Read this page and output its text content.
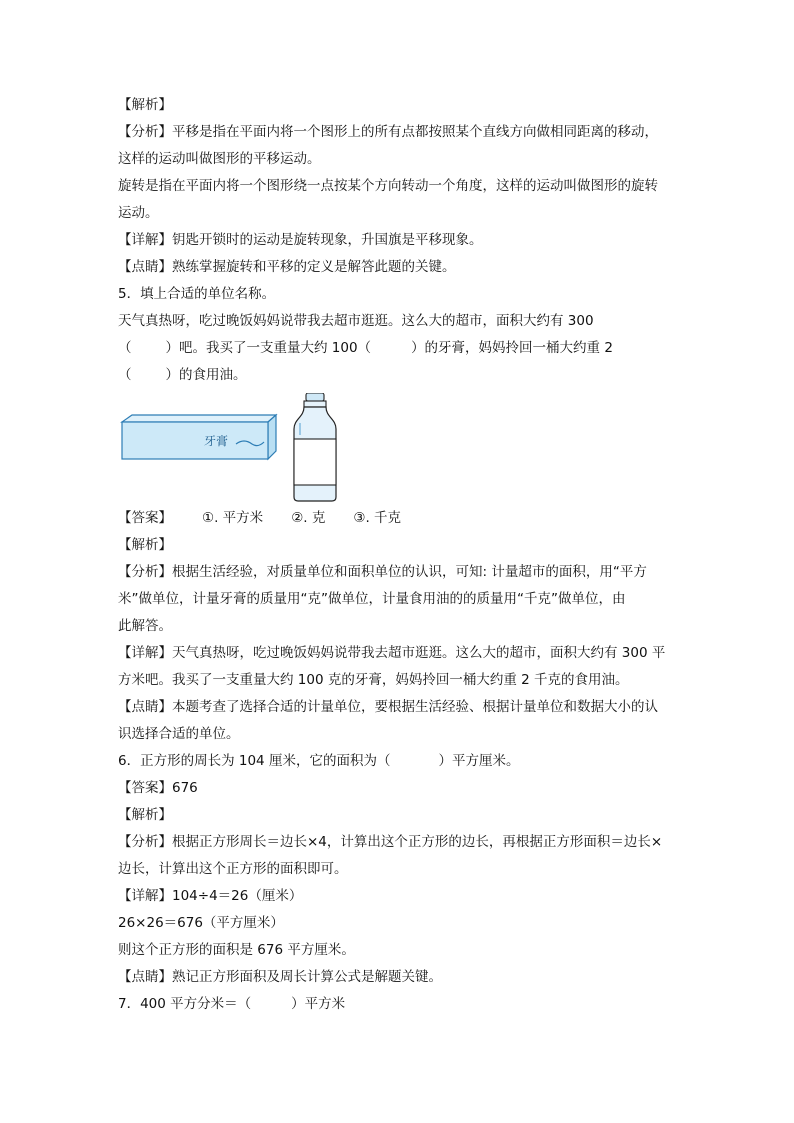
【解析】
【分析】平移是指在平面内将一个图形上的所有点都按照某个直线方向做相同距离的移动，
这样的运动叫做图形的平移运动。
旋转是指在平面内将一个图形绕一点按某个方向转动一个角度，这样的运动叫做图形的旋转
运动。
【详解】钥匙开锁时的运动是旋转现象，升国旗是平移现象。
【点睛】熟练掌握旋转和平移的定义是解答此题的关键。
5．填上合适的单位名称。
天气真热呀，吃过晚饭妈妈说带我去超市逛逛。这么大的超市，面积大约有 300
（	）吧。我买了一支重量大约 100（	）的牙膏，妈妈拎回一桶大约重 2
（	）的食用油。
牙膏
【答案】 ①. 平方米 ②. 克 ③. 千克
【解析】
【分析】根据生活经验，对质量单位和面积单位的认识，可知: 计量超市的面积，用“平方
米”做单位，计量牙膏的质量用“克”做单位，计量食用油的的质量用“千克”做单位，由
此解答。
【详解】天气真热呀，吃过晚饭妈妈说带我去超市逛逛。这么大的超市，面积大约有 300 平
方米吧。我买了一支重量大约 100 克的牙膏，妈妈拎回一桶大约重 2 千克的食用油。
【点睛】本题考查了选择合适的计量单位，要根据生活经验、根据计量单位和数据大小的认
识选择合适的单位。
6．正方形的周长为 104 厘米，它的面积为（	）平方厘米。
【答案】676
【解析】
【分析】根据正方形周长＝边长×4，计算出这个正方形的边长，再根据正方形面积＝边长×
边长，计算出这个正方形的面积即可。
【详解】104÷4＝26（厘米）
26×26＝676（平方厘米）
则这个正方形的面积是 676 平方厘米。
【点睛】熟记正方形面积及周长计算公式是解题关键。
7．400 平方分米＝（	）平方米
